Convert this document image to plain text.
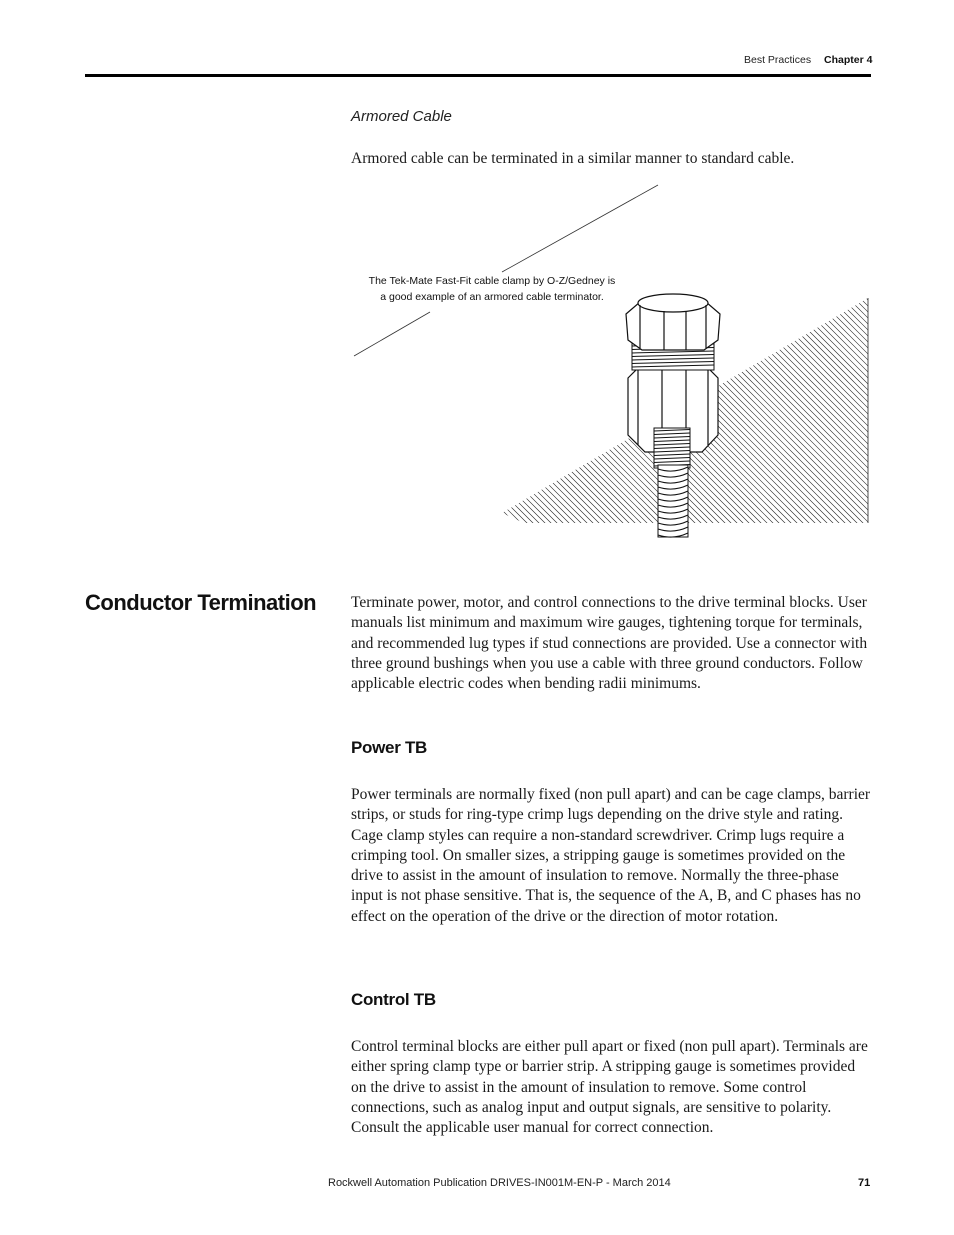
Best Practices Chapter 4
Armored Cable

Armored cable can be terminated in a similar manner to standard cable.

The Tek-Mate Fast-Fit cable clamp by O-Z/Gedney is
a good example of an armored cable terminator.
Conductor Termination Terminate power, motor, and control connections to the drive terminal blocks. User manuals list minimum and maximum wire gauges, tightening torque for terminals, and recommended lug types if stud connections are provided. Use a connector with three ground bushings when you use a cable with three ground conductors. Follow applicable electric codes when bending radii minimums.

Power TB

Power terminals are normally fixed (non pull apart) and can be cage clamps, barrier strips, or studs for ring-type crimp lugs depending on the drive style and rating. Cage clamp styles can require a non-standard screwdriver. Crimp lugs require a crimping tool. On smaller sizes, a stripping gauge is sometimes provided on the drive to assist in the amount of insulation to remove. Normally the three-phase input is not phase sensitive. That is, the sequence of the A, B, and C phases has no effect on the operation of the drive or the direction of motor rotation.

Control TB

Control terminal blocks are either pull apart or fixed (non pull apart). Terminals are either spring clamp type or barrier strip. A stripping gauge is sometimes provided on the drive to assist in the amount of insulation to remove. Some control connections, such as analog input and output signals, are sensitive to polarity. Consult the applicable user manual for correct connection.

Rockwell Automation Publication DRIVES-IN001M-EN-P - March 2014	71
